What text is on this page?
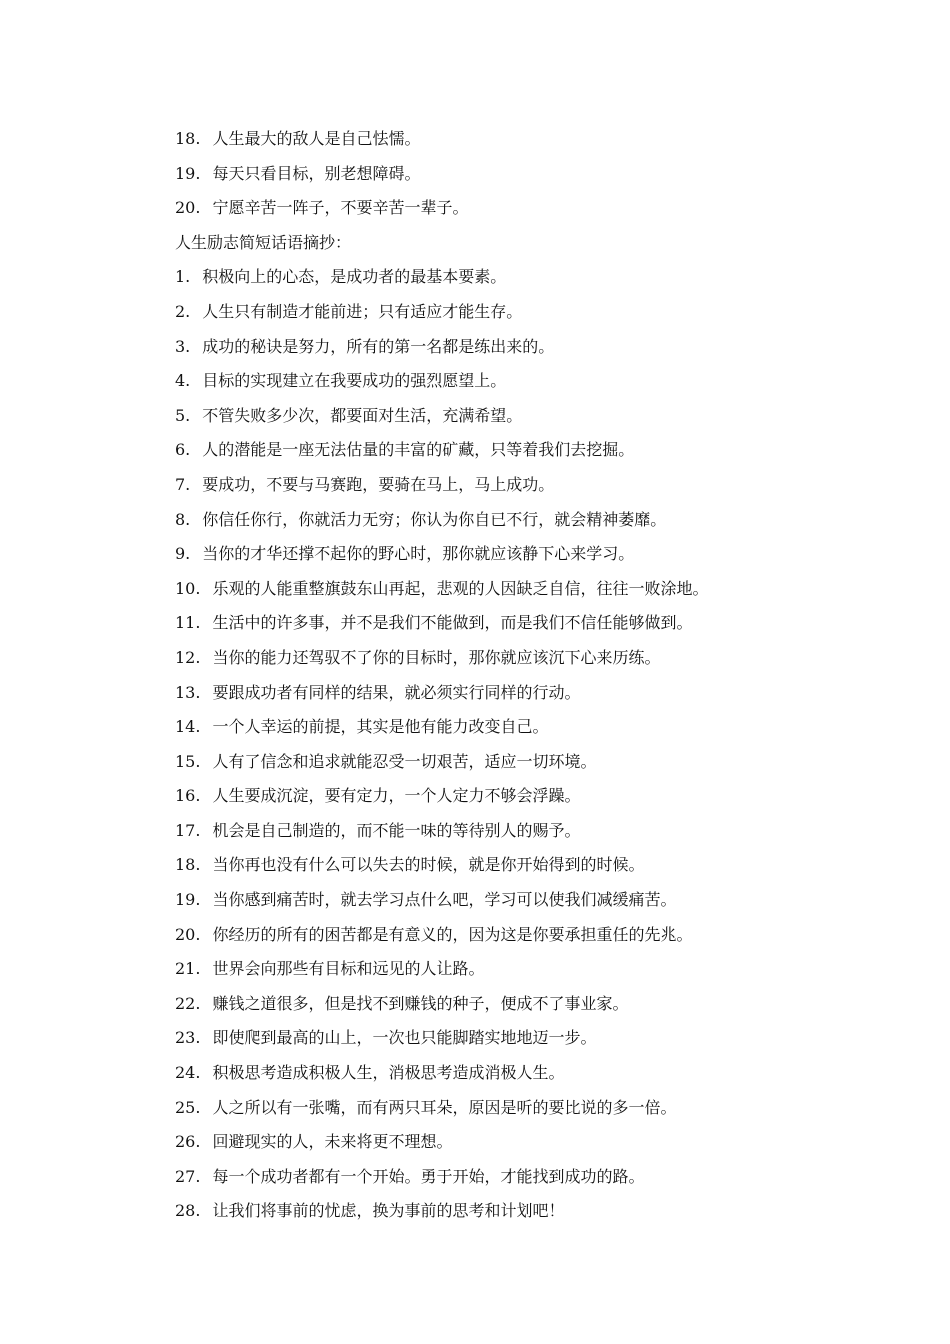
18. 人生最大的敌人是自己怯懦。
19. 每天只看目标，别老想障碍。
20. 宁愿辛苦一阵子，不要辛苦一辈子。
人生励志简短话语摘抄：
1. 积极向上的心态，是成功者的最基本要素。
2. 人生只有制造才能前进；只有适应才能生存。
3. 成功的秘诀是努力，所有的第一名都是练出来的。
4. 目标的实现建立在我要成功的强烈愿望上。
5. 不管失败多少次，都要面对生活，充满希望。
6. 人的潜能是一座无法估量的丰富的矿藏，只等着我们去挖掘。
7. 要成功，不要与马赛跑，要骑在马上，马上成功。
8. 你信任你行，你就活力无穷；你认为你自已不行，就会精神萎靡。
9. 当你的才华还撑不起你的野心时，那你就应该静下心来学习。
10. 乐观的人能重整旗鼓东山再起，悲观的人因缺乏自信，往往一败涂地。
11. 生活中的许多事，并不是我们不能做到，而是我们不信任能够做到。
12. 当你的能力还驾驭不了你的目标时，那你就应该沉下心来历练。
13. 要跟成功者有同样的结果，就必须实行同样的行动。
14. 一个人幸运的前提，其实是他有能力改变自己。
15. 人有了信念和追求就能忍受一切艰苦，适应一切环境。
16. 人生要成沉淀，要有定力，一个人定力不够会浮躁。
17. 机会是自己制造的，而不能一味的等待别人的赐予。
18. 当你再也没有什么可以失去的时候，就是你开始得到的时候。
19. 当你感到痛苦时，就去学习点什么吧，学习可以使我们减缓痛苦。
20. 你经历的所有的困苦都是有意义的，因为这是你要承担重任的先兆。
21. 世界会向那些有目标和远见的人让路。
22. 赚钱之道很多，但是找不到赚钱的种子，便成不了事业家。
23. 即使爬到最高的山上，一次也只能脚踏实地地迈一步。
24. 积极思考造成积极人生，消极思考造成消极人生。
25. 人之所以有一张嘴，而有两只耳朵，原因是听的要比说的多一倍。
26. 回避现实的人，未来将更不理想。
27. 每一个成功者都有一个开始。勇于开始，才能找到成功的路。
28. 让我们将事前的忧虑，换为事前的思考和计划吧！
